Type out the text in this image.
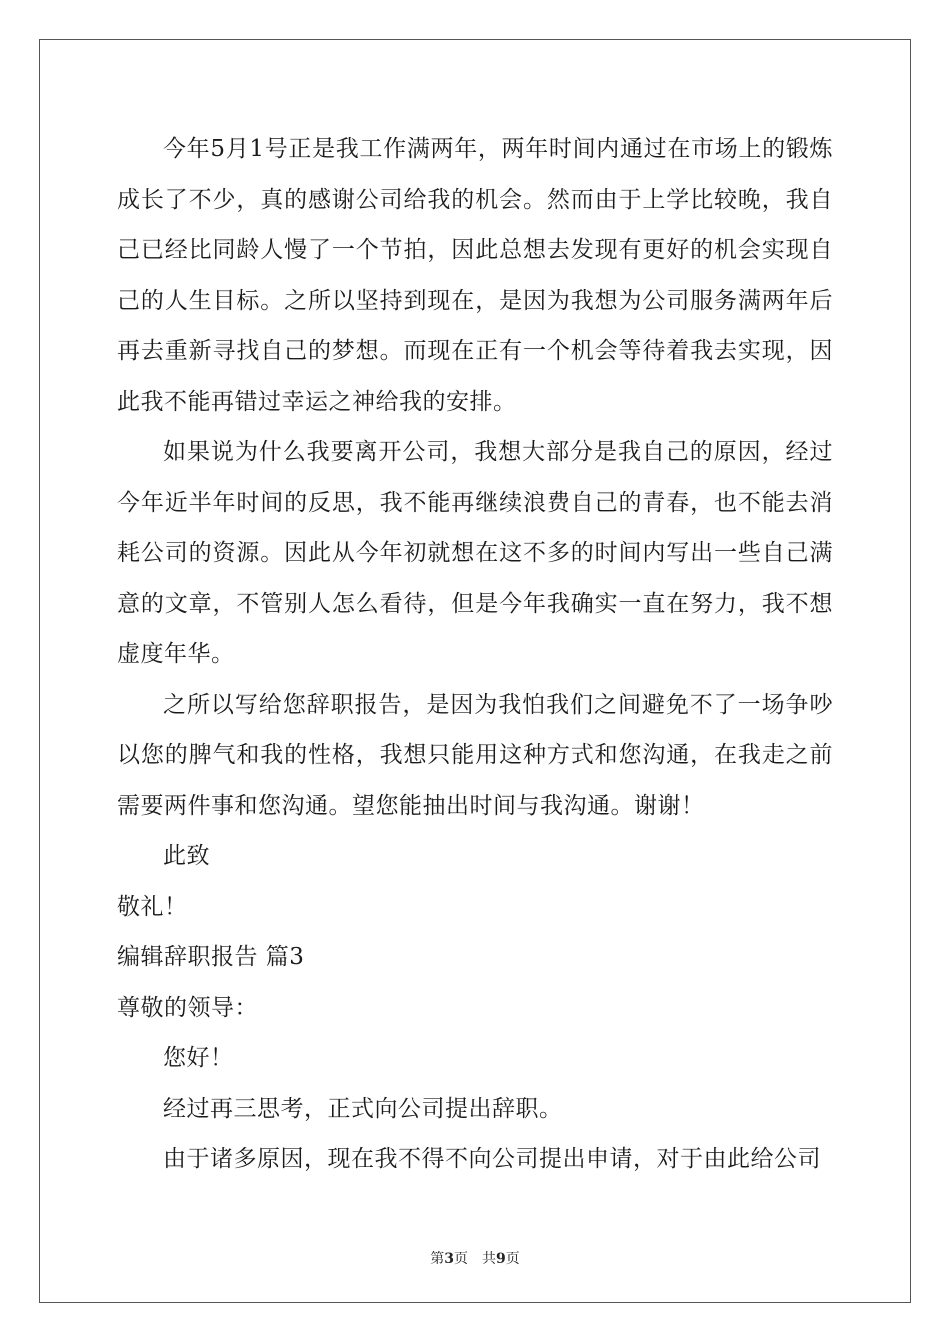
今年5月1号正是我工作满两年，两年时间内通过在市场上的锻炼成长了不少，真的感谢公司给我的机会。然而由于上学比较晚，我自己已经比同龄人慢了一个节拍，因此总想去发现有更好的机会实现自己的人生目标。之所以坚持到现在，是因为我想为公司服务满两年后再去重新寻找自己的梦想。而现在正有一个机会等待着我去实现，因此我不能再错过幸运之神给我的安排。

如果说为什么我要离开公司，我想大部分是我自己的原因，经过今年近半年时间的反思，我不能再继续浪费自己的青春，也不能去消耗公司的资源。因此从今年初就想在这不多的时间内写出一些自己满意的文章，不管别人怎么看待，但是今年我确实一直在努力，我不想虚度年华。

之所以写给您辞职报告，是因为我怕我们之间避免不了一场争吵以您的脾气和我的性格，我想只能用这种方式和您沟通，在我走之前需要两件事和您沟通。望您能抽出时间与我沟通。谢谢！

此致

敬礼！

编辑辞职报告 篇3

尊敬的领导：

您好！

经过再三思考，正式向公司提出辞职。

由于诸多原因，现在我不得不向公司提出申请，对于由此给公司

第3页 共9页
